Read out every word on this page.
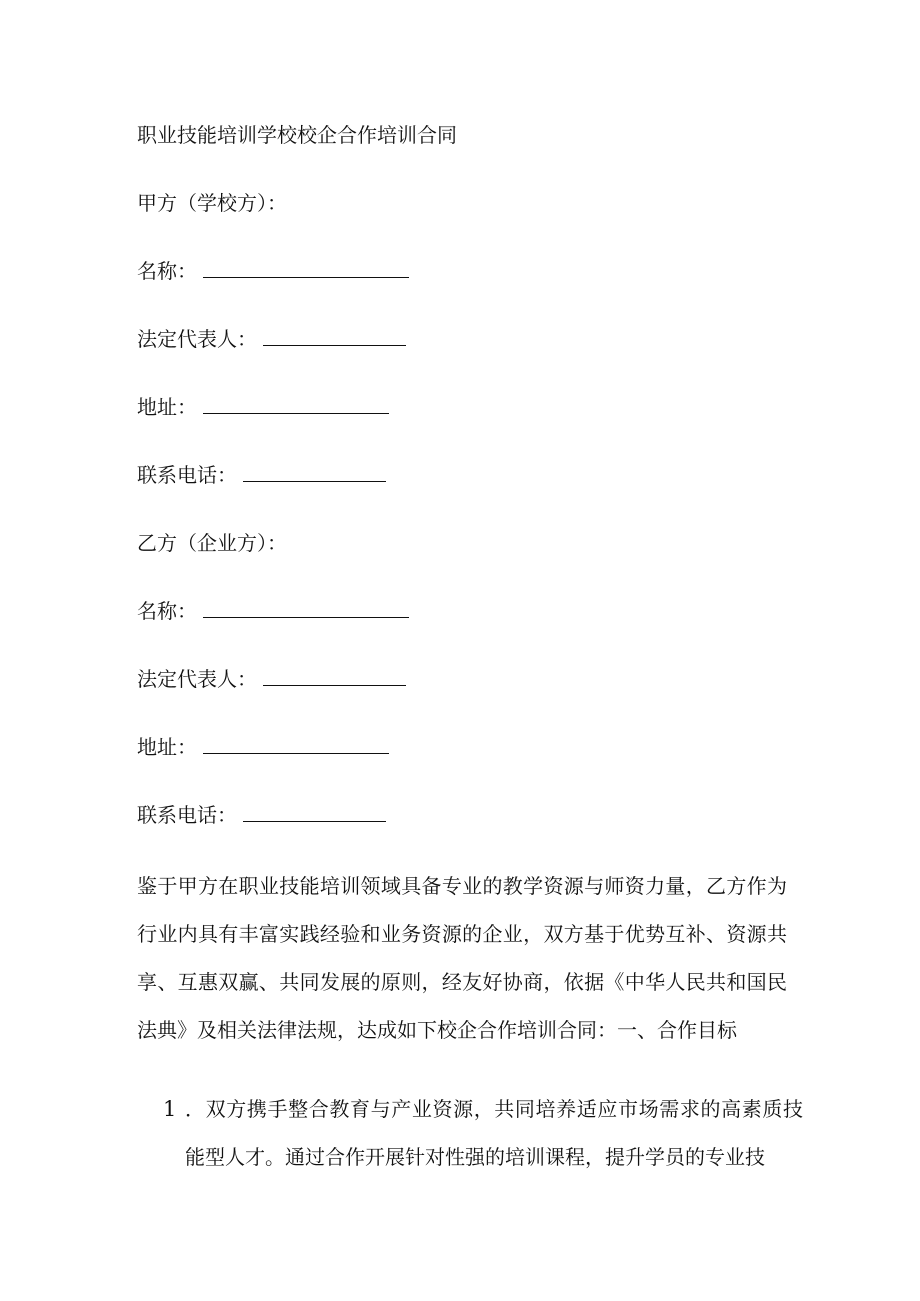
职业技能培训学校校企合作培训合同
甲方（学校方）：
名称：
法定代表人：
地址：
联系电话：
乙方（企业方）：
名称：
法定代表人：
地址：
联系电话：
鉴于甲方在职业技能培训领域具备专业的教学资源与师资力量，乙方作为行业内具有丰富实践经验和业务资源的企业，双方基于优势互补、资源共享、互惠双赢、共同发展的原则，经友好协商，依据《中华人民共和国民法典》及相关法律法规，达成如下校企合作培训合同：一、合作目标
1 ．双方携手整合教育与产业资源，共同培养适应市场需求的高素质技能型人才。通过合作开展针对性强的培训课程，提升学员的专业技
